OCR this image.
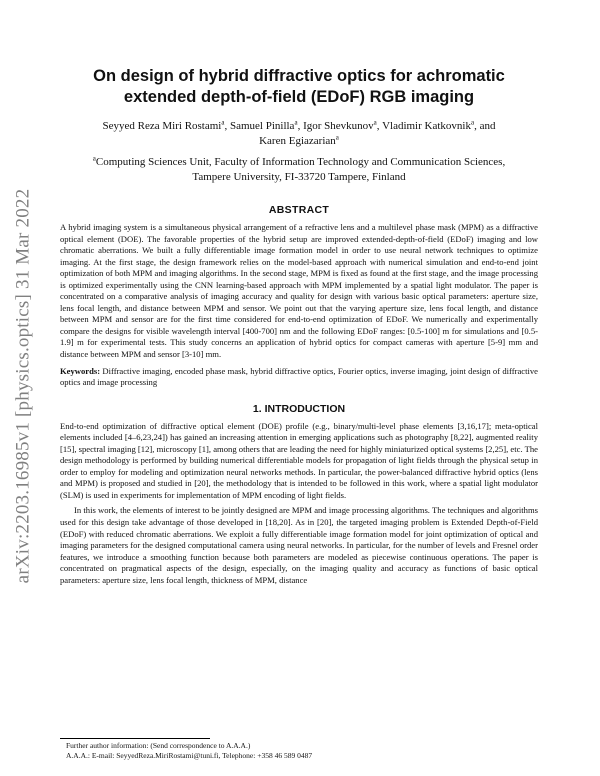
arXiv:2203.16985v1 [physics.optics] 31 Mar 2022
On design of hybrid diffractive optics for achromatic
extended depth-of-field (EDoF) RGB imaging
Seyyed Reza Miri Rostami$^a$, Samuel Pinilla$^a$, Igor Shevkunov$^a$, Vladimir Katkovnik$^a$, and
Karen Egiazarian$^a$
$^a$Computing Sciences Unit, Faculty of Information Technology and Communication Sciences,
Tampere University, FI-33720 Tampere, Finland
ABSTRACT

A hybrid imaging system is a simultaneous physical arrangement of a refractive lens and a multilevel phase mask (MPM) as a diffractive optical element (DOE). The favorable properties of the hybrid setup are improved extended-depth-of-field (EDoF) imaging and low chromatic aberrations. We built a fully differentiable image formation model in order to use neural network techniques to optimize imaging. At the first stage, the design framework relies on the model-based approach with numerical simulation and end-to-end joint optimization of both MPM and imaging algorithms. In the second stage, MPM is fixed as found at the first stage, and the image processing is optimized experimentally using the CNN learning-based approach with MPM implemented by a spatial light modulator. The paper is concentrated on a comparative analysis of imaging accuracy and quality for design with various basic optical parameters: aperture size, lens focal length, and distance between MPM and sensor. We point out that the varying aperture size, lens focal length, and distance between MPM and sensor are for the first time considered for end-to-end optimization of EDoF. We numerically and experimentally compare the designs for visible wavelength interval [400-700] nm and the following EDoF ranges: [0.5-100] m for simulations and [0.5-1.9] m for experimental tests. This study concerns an application of hybrid optics for compact cameras with aperture [5-9] mm and distance between MPM and sensor [3-10] mm.

Keywords: Diffractive imaging, encoded phase mask, hybrid diffractive optics, Fourier optics, inverse imaging, joint design of diffractive optics and image processing

1. INTRODUCTION

End-to-end optimization of diffractive optical element (DOE) profile (e.g., binary/multi-level phase elements [3,16,17]; meta-optical elements included [4–6,23,24]) has gained an increasing attention in emerging applications such as photography [8,22], augmented reality [15], spectral imaging [12], microscopy [1], among others that are leading the need for highly miniaturized optical systems [2,25], etc. The design methodology is performed by building numerical differentiable models for propagation of light fields through the physical setup in order to employ for modeling and optimization neural networks methods. In particular, the power-balanced diffractive hybrid optics (lens and MPM) is proposed and studied in [20], the methodology that is intended to be followed in this work, where a spatial light modulator (SLM) is used in experiments for implementation of MPM encoding of light fields.

In this work, the elements of interest to be jointly designed are MPM and image processing algorithms. The techniques and algorithms used for this design take advantage of those developed in [18,20]. As in [20], the targeted imaging problem is Extended Depth-of-Field (EDoF) with reduced chromatic aberrations. We exploit a fully differentiable image formation model for joint optimization of optical and imaging parameters for the designed computational camera using neural networks. In particular, for the number of levels and Fresnel order features, we introduce a smoothing function because both parameters are modeled as piecewise continuous operations. The paper is concentrated on pragmatical aspects of the design, especially, on the imaging quality and accuracy as functions of basic optical parameters: aperture size, lens focal length, thickness of MPM, distance

Further author information: (Send correspondence to A.A.A.)
A.A.A.: E-mail: SeyyedReza.MiriRostami@tuni.fi, Telephone: +358 46 589 0487
